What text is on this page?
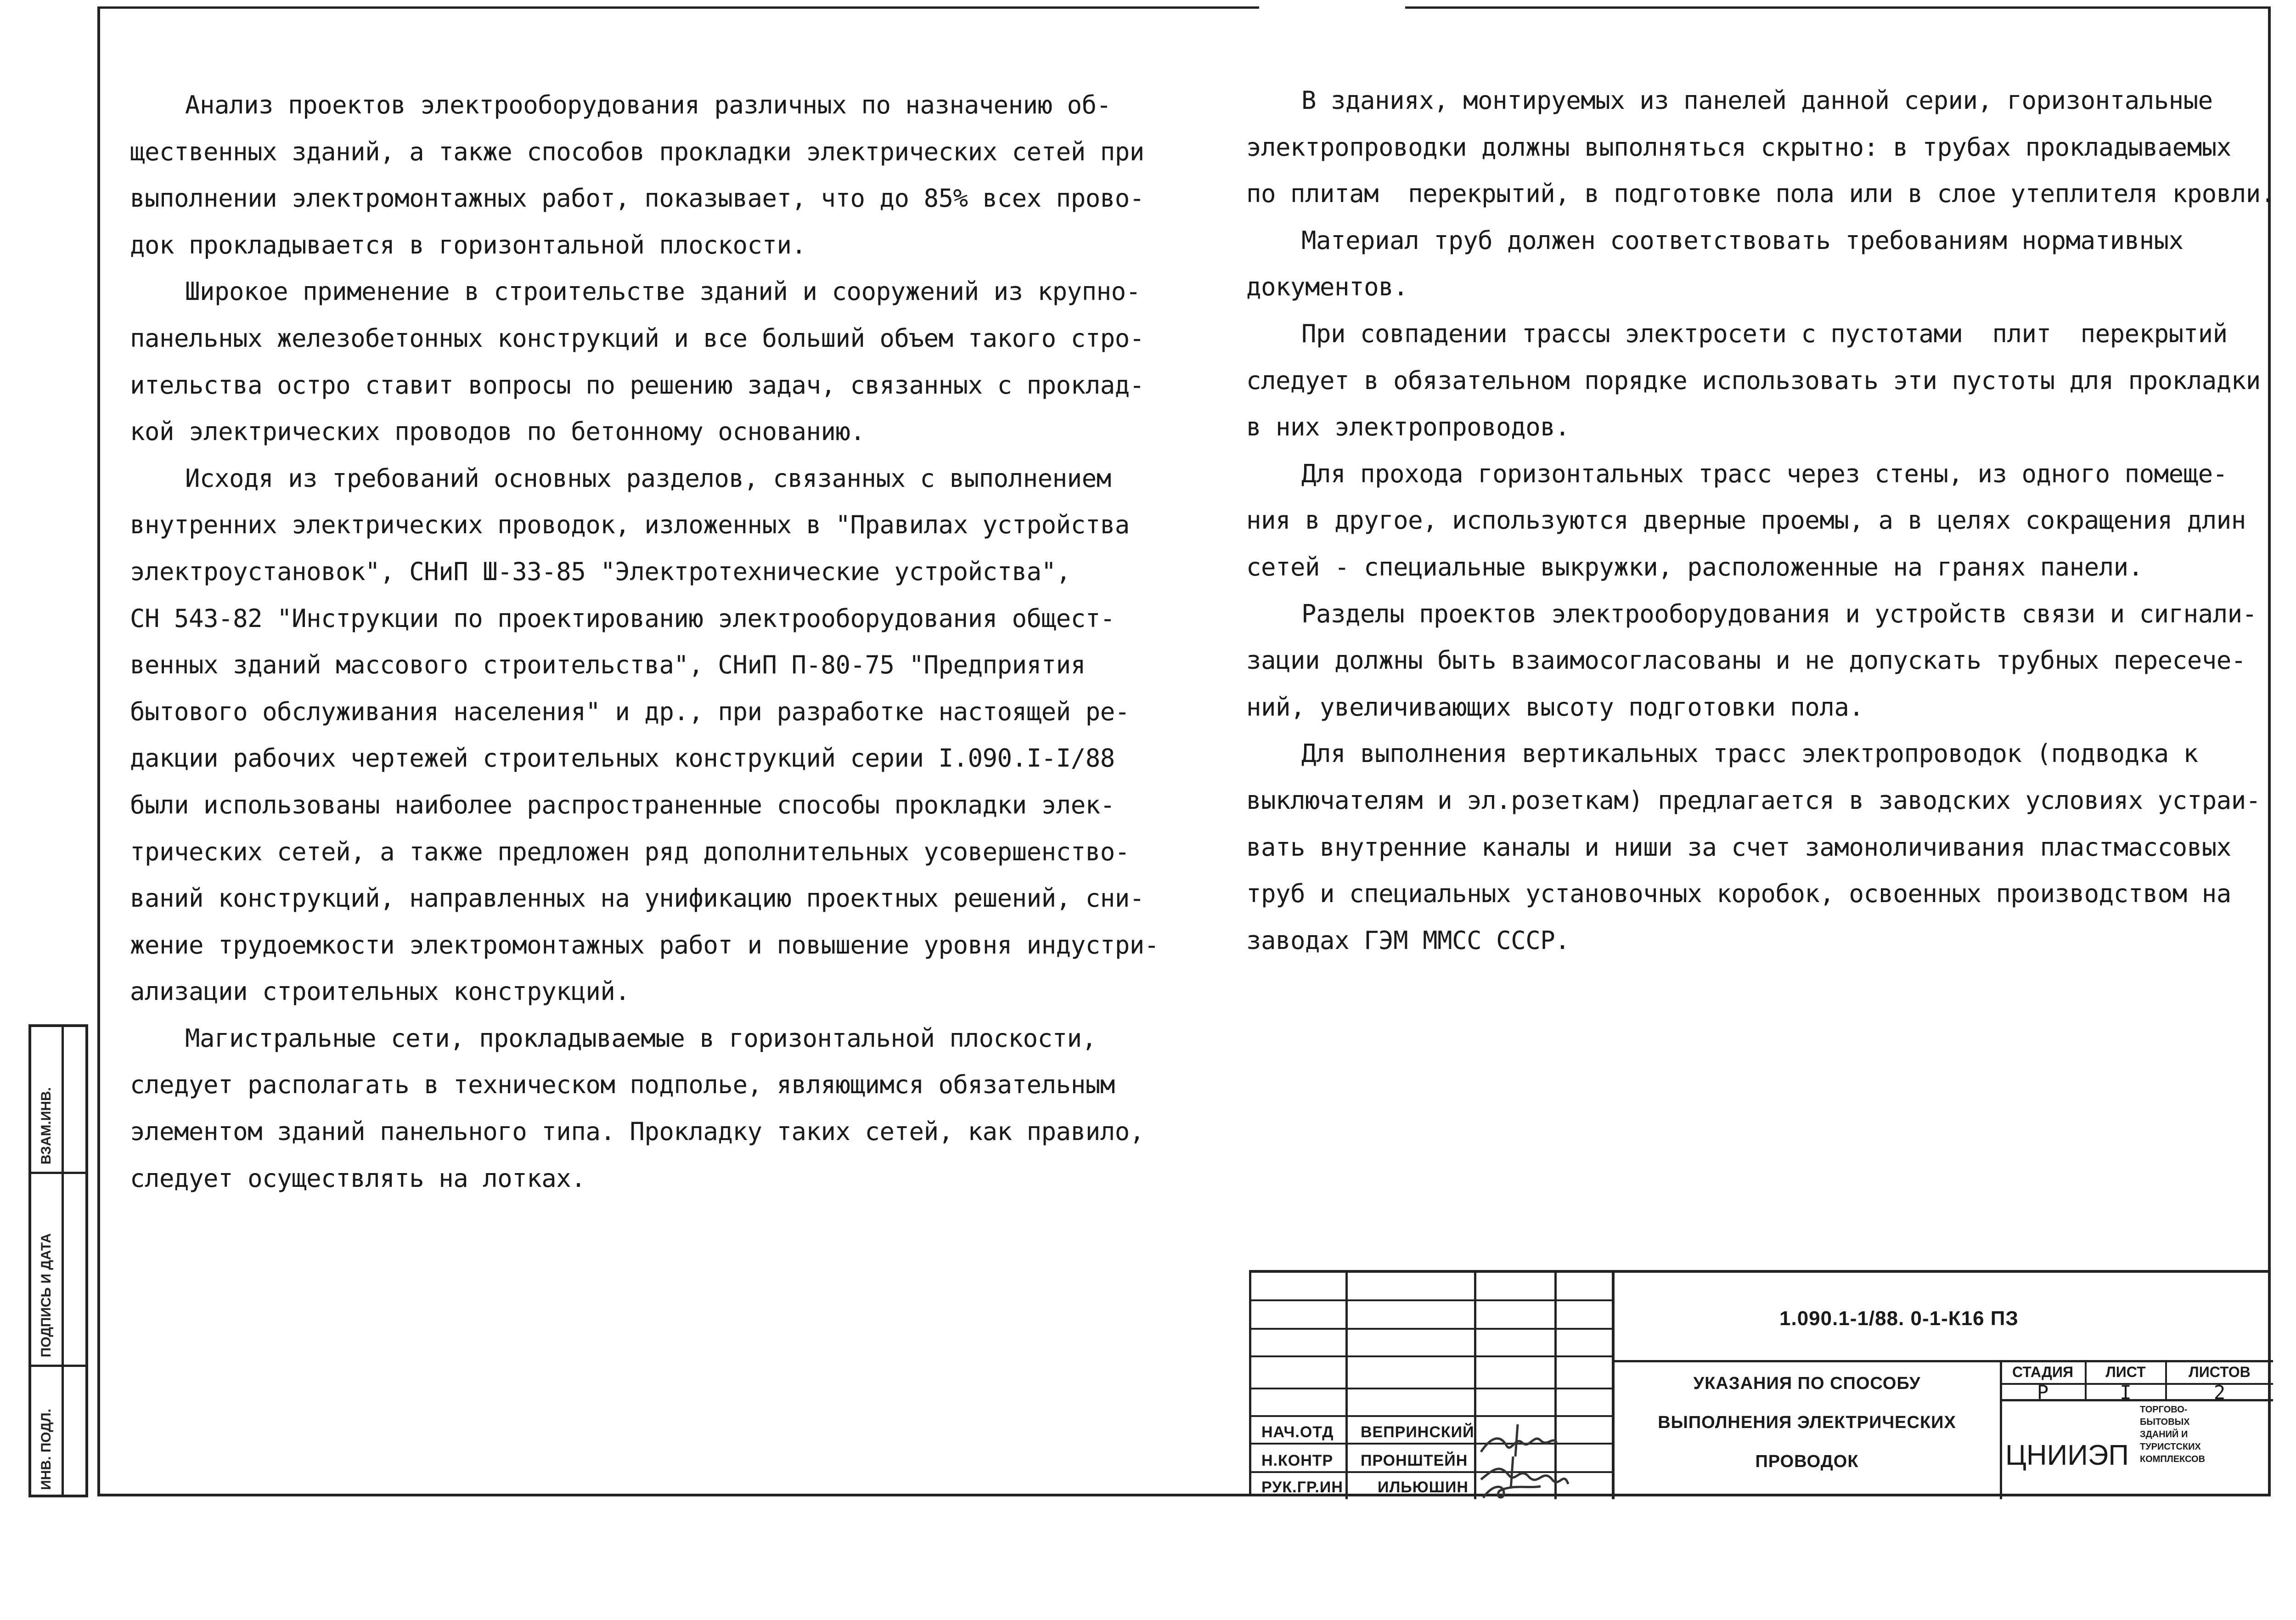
Анализ проектов электрооборудования различных по назначению об-

щественных зданий, а также способов прокладки электрических сетей при

выполнении электромонтажных работ, показывает, что до 85% всех прово-

док прокладывается в горизонтальной плоскости.

Широкое применение в строительстве зданий и сооружений из крупно-

панельных железобетонных конструкций и все больший объем такого стро-

ительства остро ставит вопросы по решению задач, связанных с проклад-

кой электрических проводов по бетонному основанию.

Исходя из требований основных разделов, связанных с выполнением

внутренних электрических проводок, изложенных в "Правилах устройства

электроустановок", СНиП Ш-33-85 "Электротехнические устройства",

СН 543-82 "Инструкции по проектированию электрооборудования общест-

венных зданий массового строительства", СНиП П-80-75 "Предприятия

бытового обслуживания населения" и др., при разработке настоящей ре-

дакции рабочих чертежей строительных конструкций серии I.090.I-I/88

были использованы наиболее распространенные способы прокладки элек-

трических сетей, а также предложен ряд дополнительных усовершенство-

ваний конструкций, направленных на унификацию проектных решений, сни-

жение трудоемкости электромонтажных работ и повышение уровня индустри-

ализации строительных конструкций.

Магистральные сети, прокладываемые в горизонтальной плоскости,

следует располагать в техническом подполье, являющимся обязательным

элементом зданий панельного типа. Прокладку таких сетей, как правило,

следует осуществлять на лотках.

В зданиях, монтируемых из панелей данной серии, горизонтальные

электропроводки должны выполняться скрытно: в трубах прокладываемых

по плитам  перекрытий, в подготовке пола или в слое утеплителя кровли.

Материал труб должен соответствовать требованиям нормативных

документов.

При совпадении трассы электросети с пустотами  плит  перекрытий

следует в обязательном порядке использовать эти пустоты для прокладки

в них электропроводов.

Для прохода горизонтальных трасс через стены, из одного помеще-

ния в другое, используются дверные проемы, а в целях сокращения длин

сетей - специальные выкружки, расположенные на гранях панели.

Разделы проектов электрооборудования и устройств связи и сигнали-

зации должны быть взаимосогласованы и не допускать трубных пересече-

ний, увеличивающих высоту подготовки пола.

Для выполнения вертикальных трасс электропроводок (подводка к

выключателям и эл.розеткам) предлагается в заводских условиях устраи-

вать внутренние каналы и ниши за счет замоноличивания пластмассовых

труб и специальных установочных коробок, освоенных производством на

заводах ГЭМ ММСС СССР.

ВЗАМ.ИНВ.
ПОДПИСЬ И ДАТА
ИНВ. ПОДЛ.
1.090.1-1/88. 0-1-К16 ПЗ
УКАЗАНИЯ ПО СПОСОБУ
ВЫПОЛНЕНИЯ ЭЛЕКТРИЧЕСКИХ
ПРОВОДОК
СТАДИЯ	ЛИСТ	ЛИСТОВ
Р	I	2
ЦНИИЭП
ТОРГОВО-
БЫТОВЫХ
ЗДАНИЙ И
ТУРИСТСКИХ
КОМПЛЕКСОВ
НАЧ.ОТД ВЕПРИНСКИЙ
Н.КОНТР ПРОНШТЕЙН
РУК.ГР.ИН ИЛЬЮШИН
